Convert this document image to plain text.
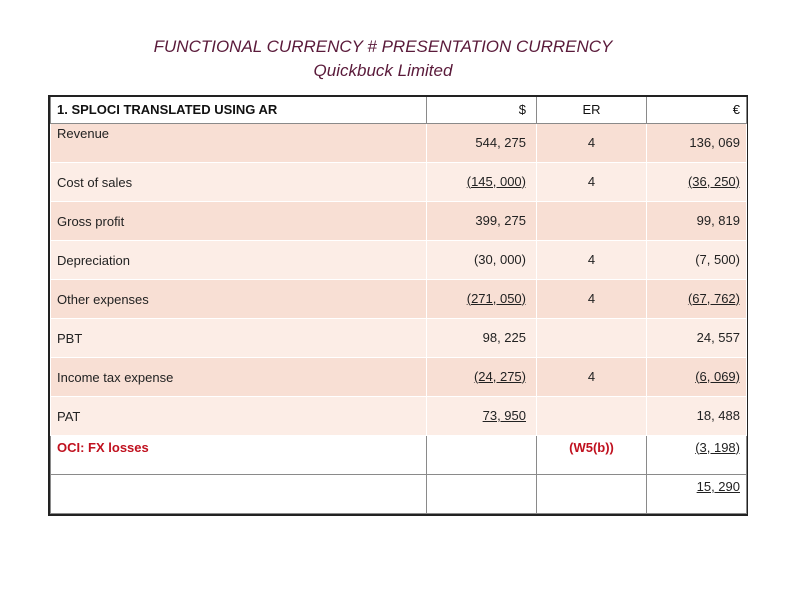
FUNCTIONAL CURRENCY # PRESENTATION CURRENCY
Quickbuck Limited
1. SPLOCI TRANSLATED USING AR	$	ER	€
Revenue	544, 275	4	136, 069
Cost of sales	(145, 000)	4	(36, 250)
Gross profit	399, 275		99, 819
Depreciation	(30, 000)	4	(7, 500)
Other expenses	(271, 050)	4	(67, 762)
PBT	98, 225		24, 557
Income tax expense	(24, 275)	4	(6, 069)
PAT	73, 950		18, 488
OCI: FX losses		(W5(b))	(3, 198)
			15, 290
